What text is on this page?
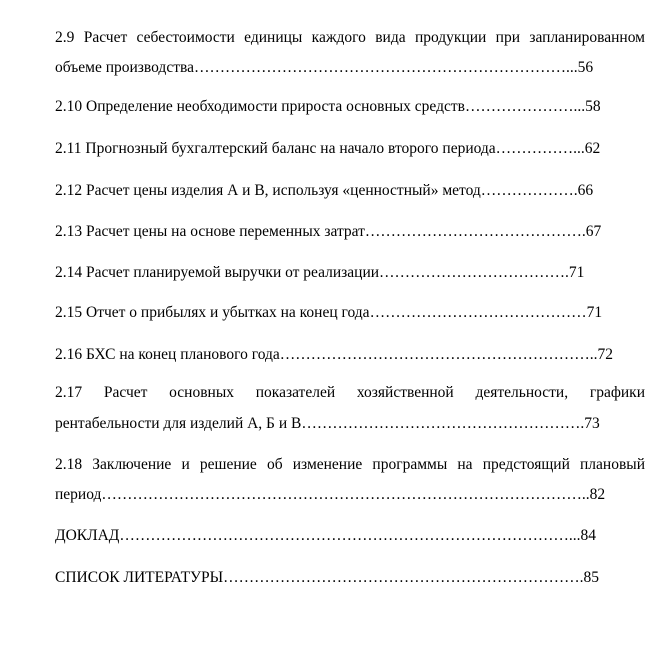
2.9 Расчет себестоимости единицы каждого вида продукции при запланированном
объеме производства………………………………………………………………...56
2.10 Определение необходимости прироста основных средств…………………...58
2.11 Прогнозный бухгалтерский баланс на начало второго периода……………...62
2.12 Расчет цены изделия А и В, используя «ценностный» метод……………….66
2.13 Расчет цены на основе переменных затрат…………………………………….67
2.14 Расчет планируемой выручки от реализации……………………………….71
2.15 Отчет о прибылях и убытках на конец года……………………………………71
2.16 БХС на конец планового года……………………………………………………..72
2.17 Расчет основных показателей хозяйственной деятельности, графики
рентабельности для изделий А, Б и В……………………………………………….73
2.18 Заключение и решение об изменение программы на предстоящий плановый
период…………………………………………………………………………………..82
ДОКЛАД……………………………………………………………………………...84
СПИСОК ЛИТЕРАТУРЫ…………………………………………………………….85
